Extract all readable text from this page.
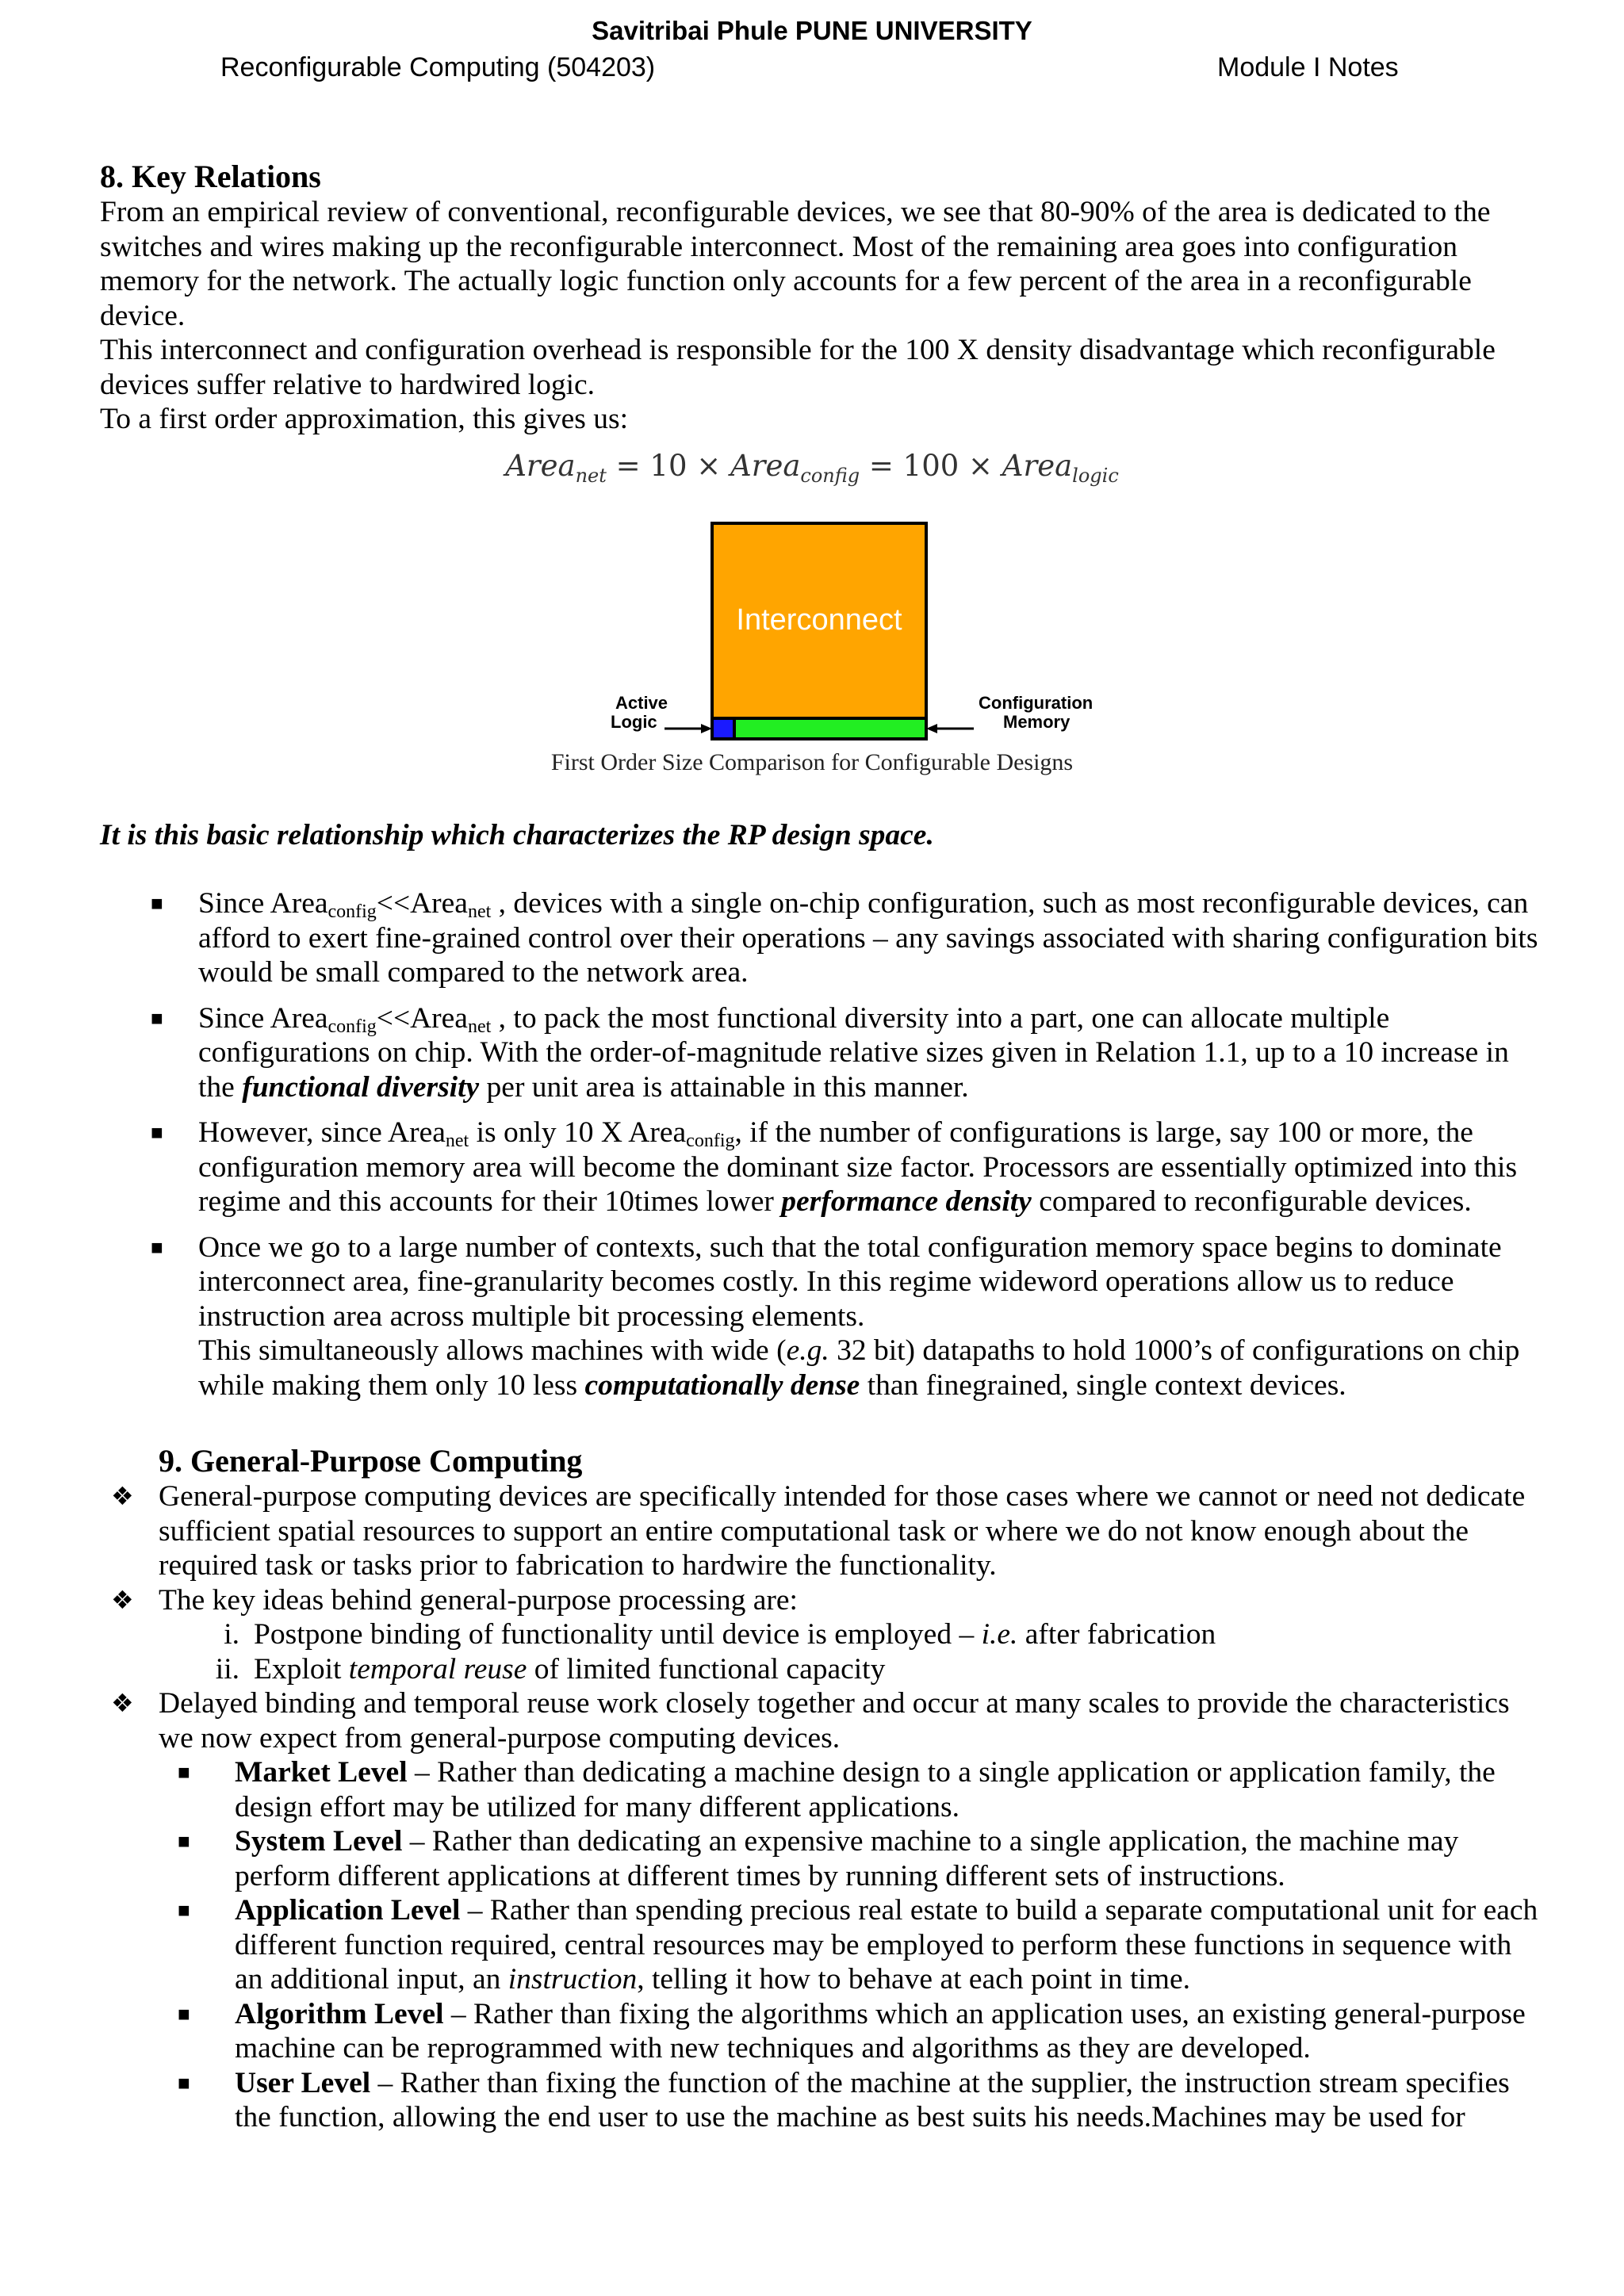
Savitribai Phule PUNE UNIVERSITY
Reconfigurable Computing (504203)	Module I Notes
8. Key Relations
From an empirical review of conventional, reconfigurable devices, we see that 80-90% of the area is dedicated to the switches and wires making up the reconfigurable interconnect. Most of the remaining area goes into configuration memory for the network. The actually logic function only accounts for a few percent of the area in a reconfigurable device.
This interconnect and configuration overhead is responsible for the 100 X density disadvantage which reconfigurable devices suffer relative to hardwired logic.
To a first order approximation, this gives us:
Area$_{net}$ = 10 × Area$_{config}$ = 100 × Area$_{logic}$
Interconnect
Active
Logic
Configuration
Memory
First Order Size Comparison for Configurable Designs
It is this basic relationship which characterizes the RP design space.
■ Since Area$_{config}$<<Area$_{net}$ , devices with a single on-chip configuration, such as most reconfigurable devices, can afford to exert fine-grained control over their operations – any savings associated with sharing configuration bits would be small compared to the network area.
■ Since Area$_{config}$<<Area$_{net}$ , to pack the most functional diversity into a part, one can allocate multiple configurations on chip. With the order-of-magnitude relative sizes given in Relation 1.1, up to a 10 increase in the functional diversity per unit area is attainable in this manner.
■ However, since Area$_{net}$ is only 10 X Area$_{config}$, if the number of configurations is large, say 100 or more, the configuration memory area will become the dominant size factor. Processors are essentially optimized into this regime and this accounts for their 10times lower performance density compared to reconfigurable devices.
■ Once we go to a large number of contexts, such that the total configuration memory space begins to dominate interconnect area, fine-granularity becomes costly. In this regime wideword operations allow us to reduce instruction area across multiple bit processing elements.
This simultaneously allows machines with wide (e.g. 32 bit) datapaths to hold 1000’s of configurations on chip while making them only 10 less computationally dense than finegrained, single context devices.
9. General-Purpose Computing
❖ General-purpose computing devices are specifically intended for those cases where we cannot or need not dedicate sufficient spatial resources to support an entire computational task or where we do not know enough about the required task or tasks prior to fabrication to hardwire the functionality.
❖ The key ideas behind general-purpose processing are:
i. Postpone binding of functionality until device is employed – i.e. after fabrication
ii. Exploit temporal reuse of limited functional capacity
❖ Delayed binding and temporal reuse work closely together and occur at many scales to provide the characteristics we now expect from general-purpose computing devices.
■ Market Level – Rather than dedicating a machine design to a single application or application family, the design effort may be utilized for many different applications.
■ System Level – Rather than dedicating an expensive machine to a single application, the machine may perform different applications at different times by running different sets of instructions.
■ Application Level – Rather than spending precious real estate to build a separate computational unit for each different function required, central resources may be employed to perform these functions in sequence with an additional input, an instruction, telling it how to behave at each point in time.
■ Algorithm Level – Rather than fixing the algorithms which an application uses, an existing general-purpose machine can be reprogrammed with new techniques and algorithms as they are developed.
■ User Level – Rather than fixing the function of the machine at the supplier, the instruction stream specifies the function, allowing the end user to use the machine as best suits his needs.Machines may be used for
